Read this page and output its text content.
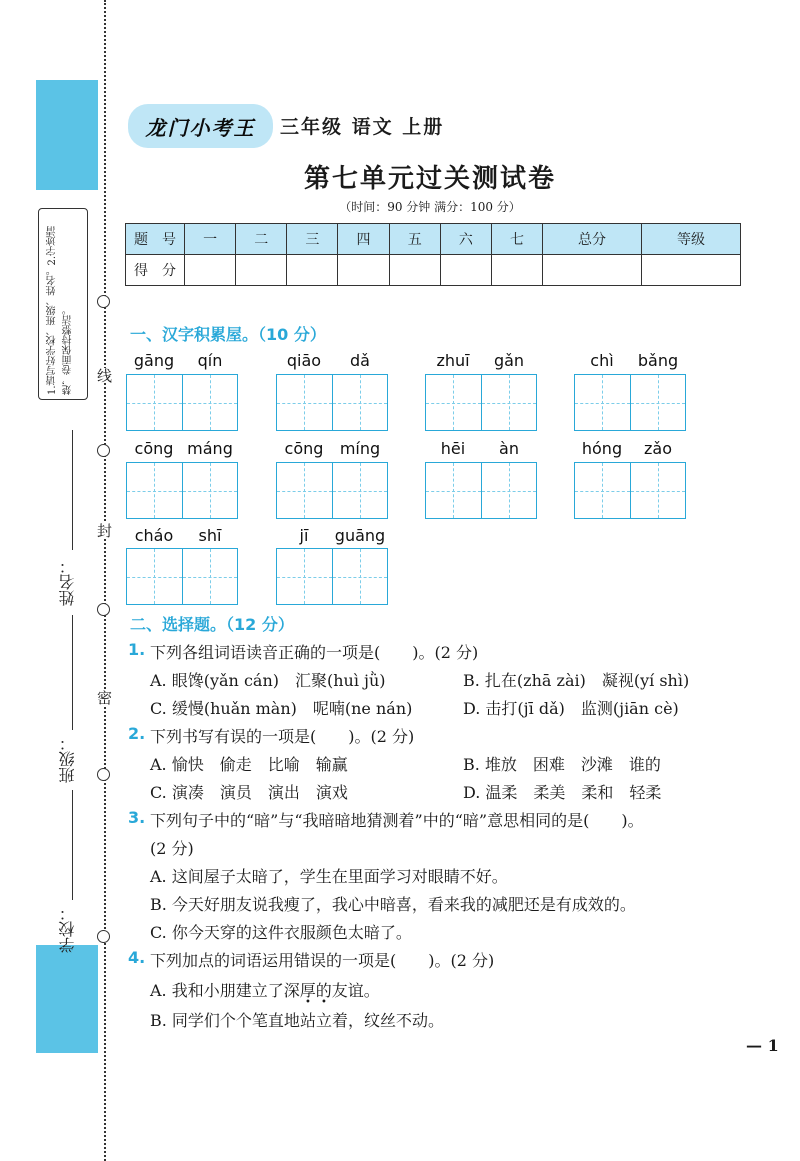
线
封
密
1.请写好学校、班级、姓名。2.字迹清楚，卷面保持整洁。
姓名：
班级：
学校：
龙门小考王	三年级 语文 上册
第七单元过关测试卷
（时间：90 分钟 满分：100 分）
题　号	一	二	三	四	五	六	七	总分	等级
得　分									
一、汉字积累屋。（10 分）
gāng	qín	qiāo	dǎ	zhuī	gǎn	chì	bǎng
cōng máng	cōng	míng	hēi	àn	hóng	zǎo
cháo	shī	jī	guāng
二、选择题。（12 分）
1. 下列各组词语读音正确的一项是(　　)。(2 分)
A. 眼馋(yǎn cán)　汇聚(huì jǜ)	B. 扎在(zhā zài)　凝视(yí shì)
C. 缓慢(huǎn màn)　呢喃(ne nán)	D. 击打(jī dǎ)　监测(jiān cè)
2. 下列书写有误的一项是(　　)。(2 分)
A. 愉快　偷走　比喻　输赢	B. 堆放　困难　沙滩　谁的
C. 演凑　演员　演出　演戏	D. 温柔　柔美　柔和　轻柔
3. 下列句子中的“暗”与“我暗暗地猜测着”中的“暗”意思相同的是(　　)。
(2 分)
A. 这间屋子太暗了，学生在里面学习对眼睛不好。
B. 今天好朋友说我瘦了，我心中暗喜，看来我的减肥还是有成效的。
C. 你今天穿的这件衣服颜色太暗了。
4. 下列加点的词语运用错误的一项是(　　)。(2 分)
A. 我和小朋建立了深厚的友谊。
B. 同学们个个笔直地站立着，纹丝不动。
— 1
